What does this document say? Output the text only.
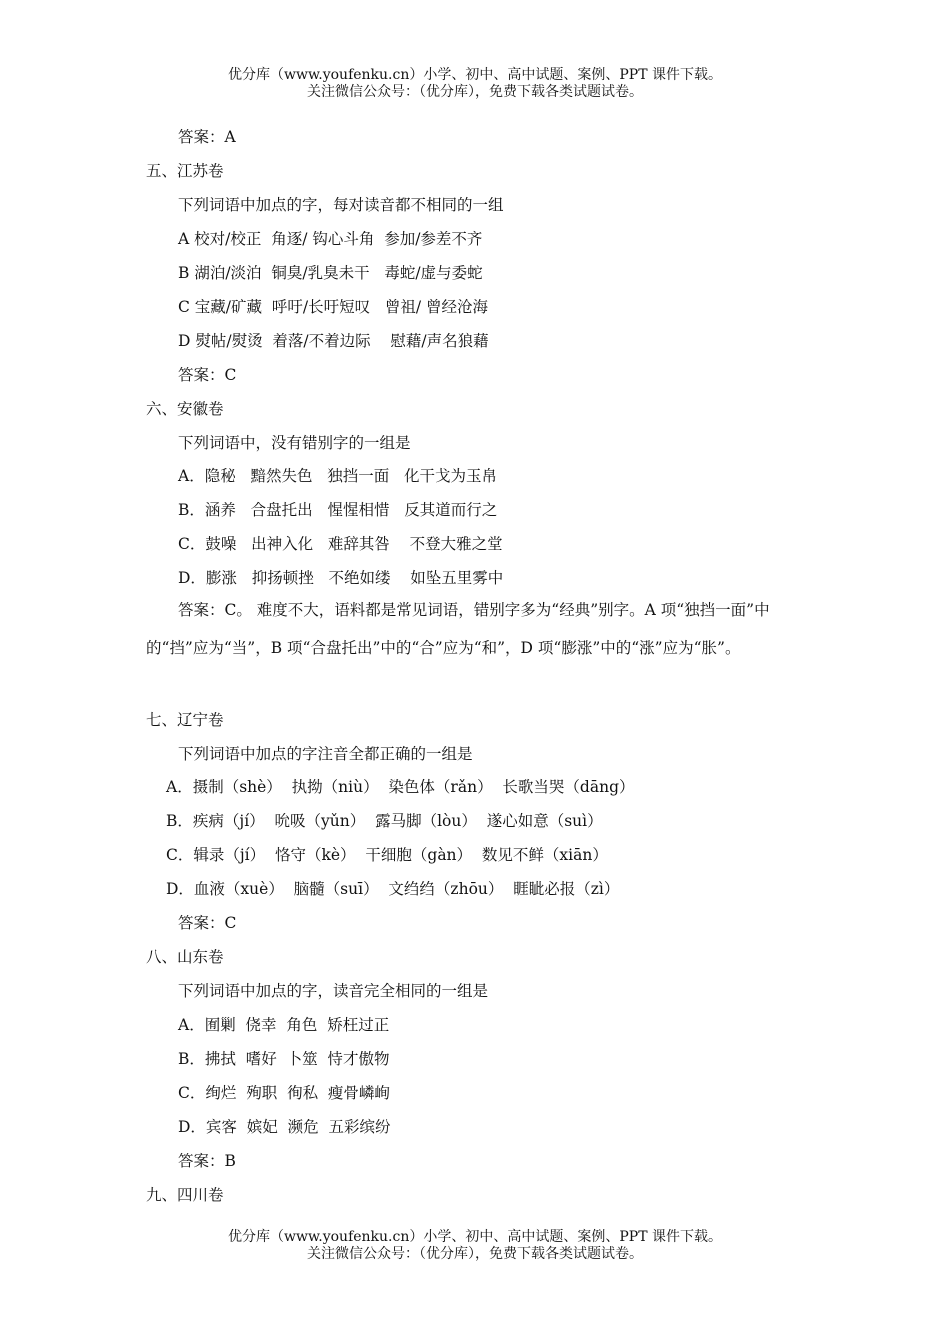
优分库（www.youfenku.cn）小学、初中、高中试题、案例、PPT 课件下载。
关注微信公众号：（优分库），免费下载各类试题试卷。
答案：A
五、江苏卷
下列词语中加点的字，每对读音都不相同的一组
A 校对/校正  角逐/ 钩心斗角  参加/参差不齐
B 湖泊/淡泊  铜臭/乳臭未干   毒蛇/虚与委蛇
C 宝藏/矿藏  呼吁/长吁短叹   曾祖/ 曾经沧海
D 熨帖/熨烫  着落/不着边际    慰藉/声名狼藉
答案：C
六、安徽卷
下列词语中，没有错别字的一组是
A．隐秘   黯然失色   独挡一面   化干戈为玉帛
B．涵养   合盘托出   惺惺相惜   反其道而行之
C．鼓噪   出神入化   难辞其咎    不登大雅之堂
D．膨涨   抑扬顿挫   不绝如缕    如坠五里雾中
答案：C。 难度不大，语料都是常见词语，错别字多为“经典”别字。A 项“独挡一面”中的“挡”应为“当”，B 项“合盘托出”中的“合”应为“和”，D 项“膨涨”中的“涨”应为“胀”。
七、辽宁卷
下列词语中加点的字注音全都正确的一组是
A．摄制（shè）  执拗（niù）  染色体（rǎn）  长歌当哭（dāng）
B．疾病（jí）  吮吸（yǔn）  露马脚（lòu）  遂心如意（suì）
C．辑录（jí）  恪守（kè）  干细胞（gàn）  数见不鲜（xiān）
D．血液（xuè）  脑髓（suī）  文绉绉（zhōu）  睚眦必报（zì）
答案：C
八、山东卷
下列词语中加点的字，读音完全相同的一组是
A．囿剿  侥幸  角色  矫枉过正
B．拂拭  嗜好  卜筮  恃才傲物
C．绚烂  殉职  徇私  瘦骨嶙峋
D．宾客  嫔妃  濒危  五彩缤纷
答案：B
九、四川卷
优分库（www.youfenku.cn）小学、初中、高中试题、案例、PPT 课件下载。
关注微信公众号：（优分库），免费下载各类试题试卷。
